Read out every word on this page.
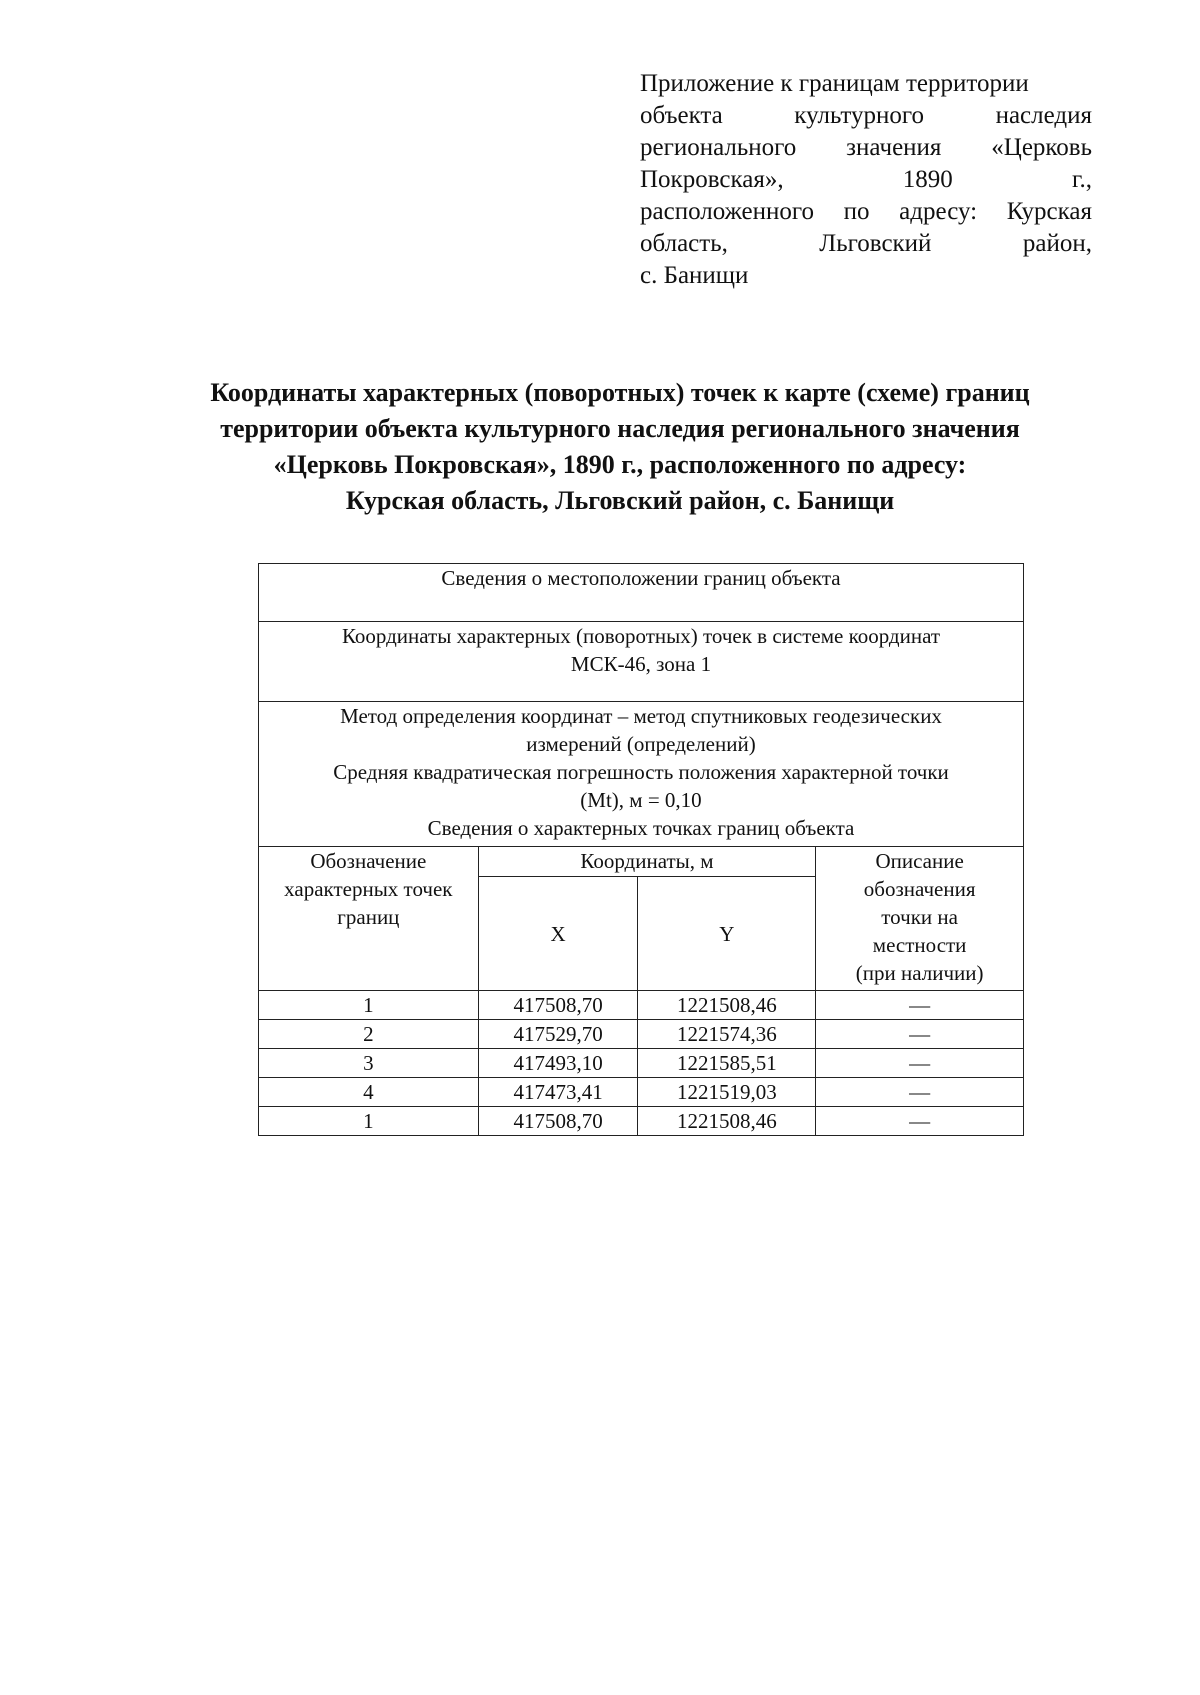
Приложение к границам территории
объекта культурного наследия
регионального значения «Церковь
Покровская», 1890 г.,
расположенного по адресу: Курская
область, Льговский район,
с. Банищи
Координаты характерных (поворотных) точек к карте (схеме) границ
территории объекта культурного наследия регионального значения
«Церковь Покровская», 1890 г., расположенного по адресу:
Курская область, Льговский район, с. Банищи
Сведения о местоположении границ объекта			

Координаты характерных (поворотных) точек в системе координат
МСК-46, зона 1			

Метод определения координат – метод спутниковых геодезических
измерений (определений)
Средняя квадратическая погрешность положения характерной точки
(Mt), м = 0,10
Сведения о характерных точках границ объекта			

Обозначение
характерных точек
границ	Координаты, м		Описание
обозначения
точки на
местности
(при наличии)

	X	Y	
1	417508,70	1221508,46	—
2	417529,70	1221574,36	—
3	417493,10	1221585,51	—
4	417473,41	1221519,03	—
1	417508,70	1221508,46	—
